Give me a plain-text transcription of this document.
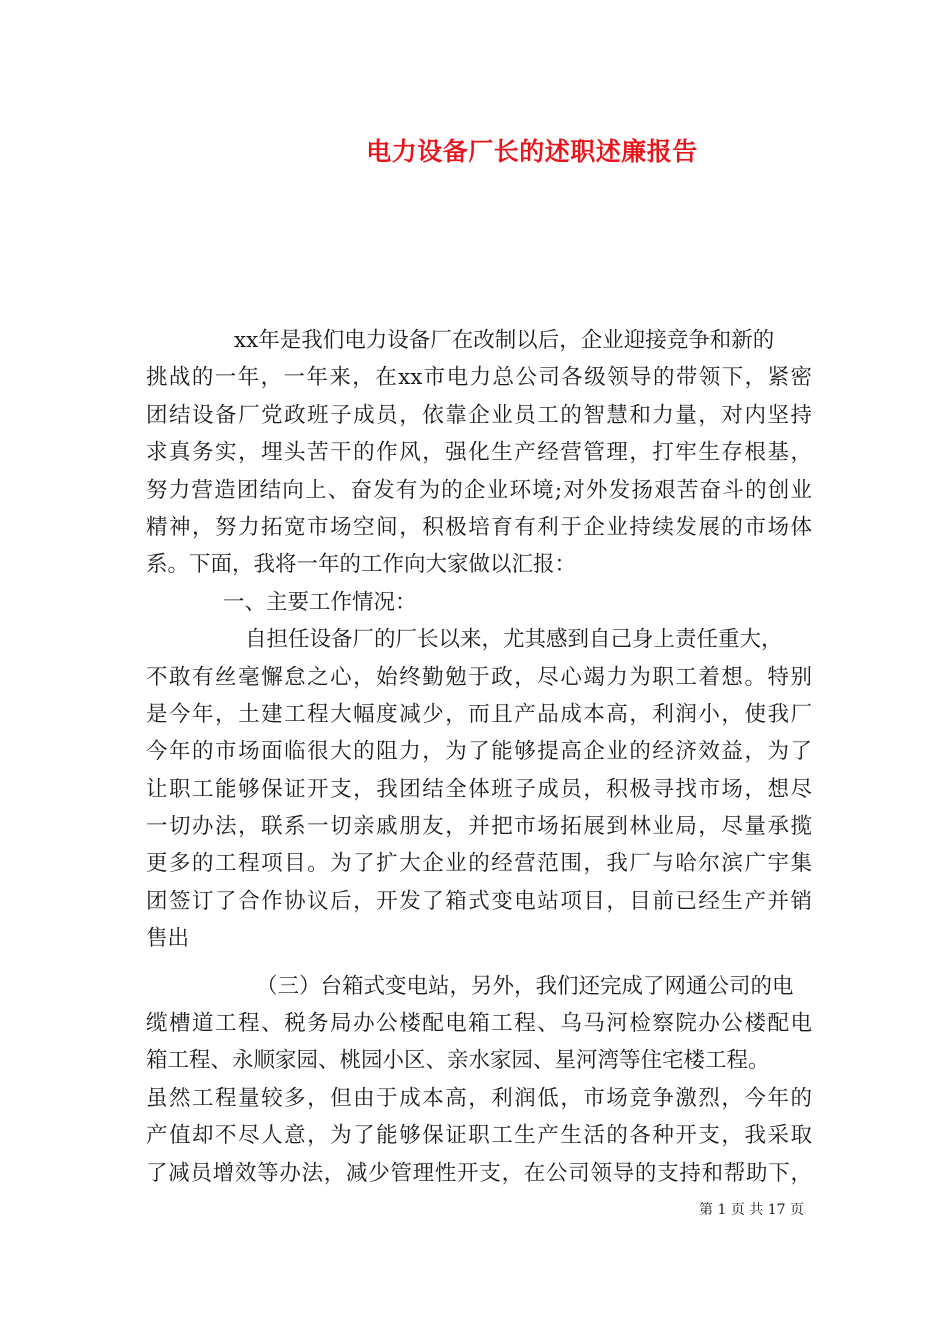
电力设备厂长的述职述廉报告
xx年是我们电力设备厂在改制以后，企业迎接竞争和新的
挑战的一年，一年来，在xx市电力总公司各级领导的带领下，紧密
团结设备厂党政班子成员，依靠企业员工的智慧和力量，对内坚持
求真务实，埋头苦干的作风，强化生产经营管理，打牢生存根基，
努力营造团结向上、奋发有为的企业环境;对外发扬艰苦奋斗的创业
精神，努力拓宽市场空间，积极培育有利于企业持续发展的市场体
系。下面，我将一年的工作向大家做以汇报：
一、主要工作情况：
自担任设备厂的厂长以来，尤其感到自己身上责任重大，
不敢有丝毫懈怠之心，始终勤勉于政，尽心竭力为职工着想。特别
是今年，土建工程大幅度减少，而且产品成本高，利润小，使我厂
今年的市场面临很大的阻力，为了能够提高企业的经济效益，为了
让职工能够保证开支，我团结全体班子成员，积极寻找市场，想尽
一切办法，联系一切亲戚朋友，并把市场拓展到林业局，尽量承揽
更多的工程项目。为了扩大企业的经营范围，我厂与哈尔滨广宇集
团签订了合作协议后，开发了箱式变电站项目，目前已经生产并销
售出
（三）台箱式变电站，另外，我们还完成了网通公司的电
缆槽道工程、税务局办公楼配电箱工程、乌马河检察院办公楼配电
箱工程、永顺家园、桃园小区、亲水家园、星河湾等住宅楼工程。
虽然工程量较多，但由于成本高，利润低，市场竞争激烈，今年的
产值却不尽人意，为了能够保证职工生产生活的各种开支，我采取
了减员增效等办法，减少管理性开支，在公司领导的支持和帮助下，
第 1 页 共 17 页
